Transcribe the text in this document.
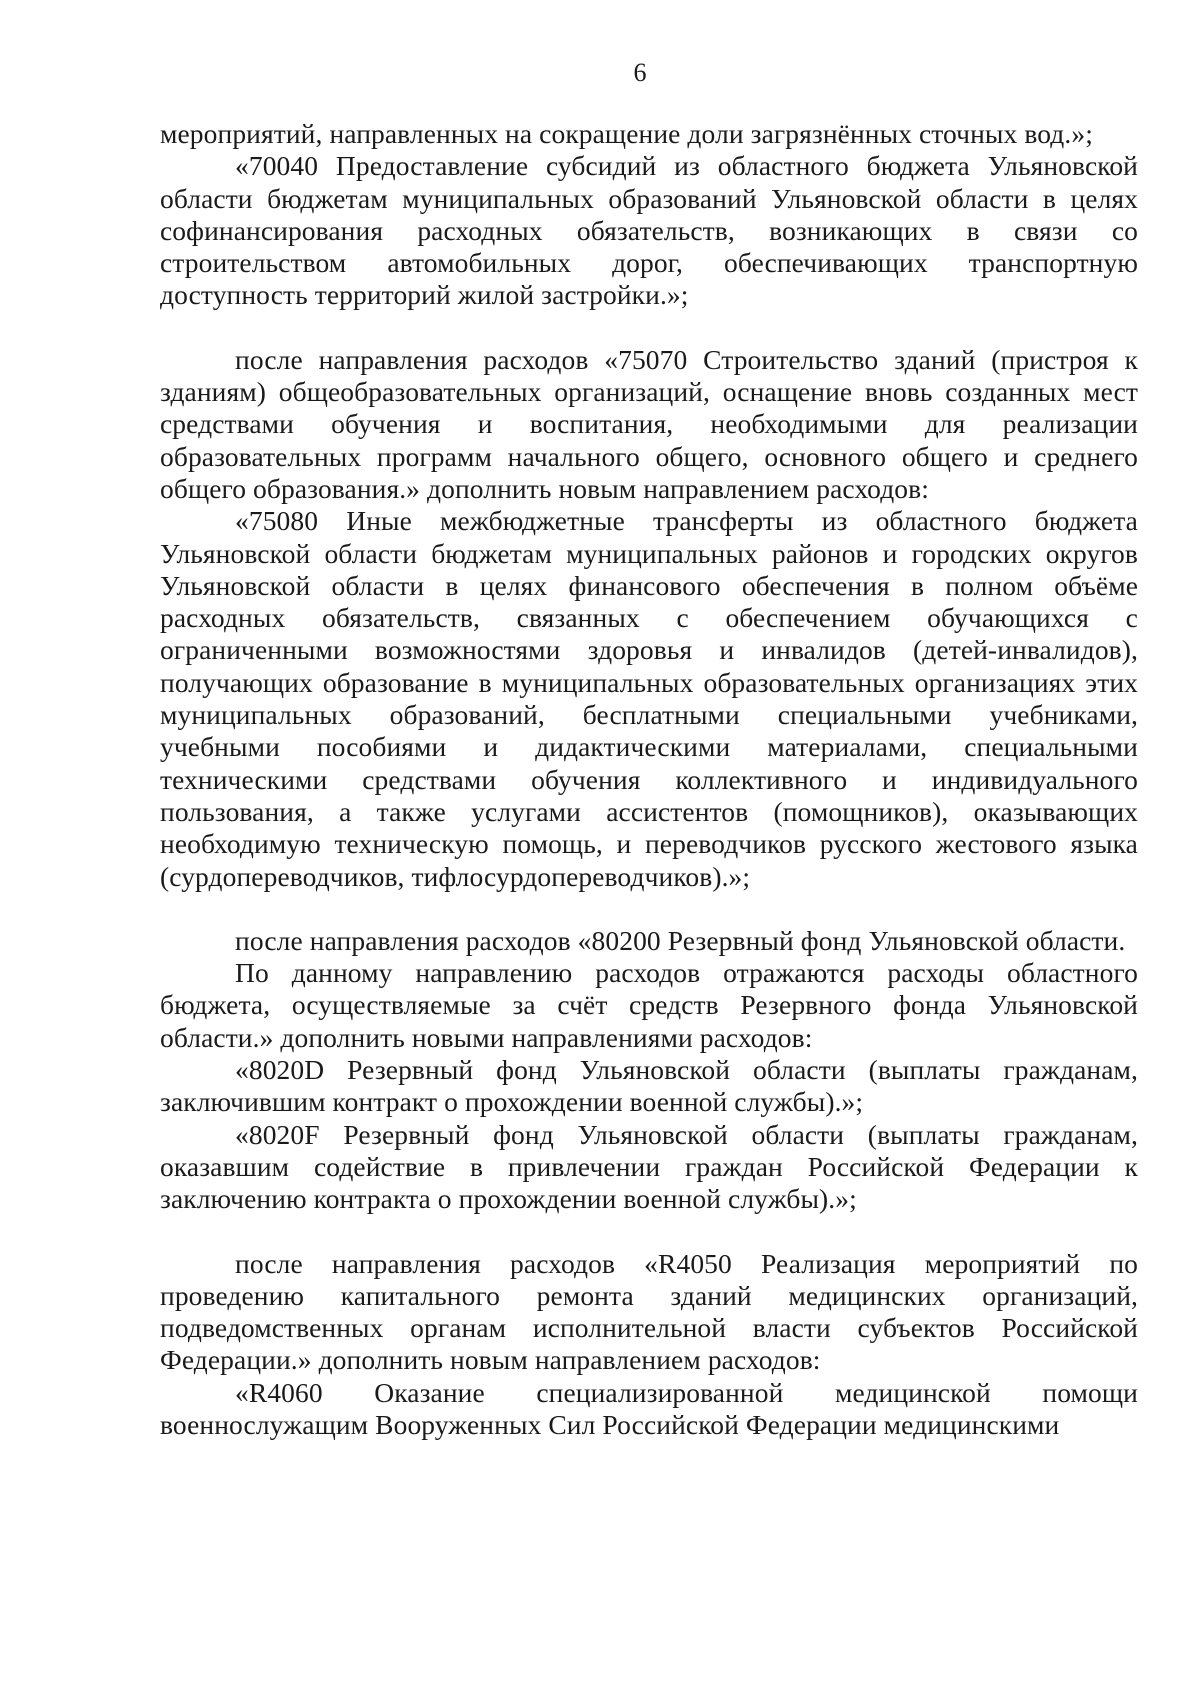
6

мероприятий, направленных на сокращение доли загрязнённых сточных вод.»;

«70040 Предоставление субсидий из областного бюджета Ульяновской области бюджетам муниципальных образований Ульяновской области в целях софинансирования расходных обязательств, возникающих в связи со строительством автомобильных дорог, обеспечивающих транспортную доступность территорий жилой застройки.»;

после направления расходов «75070 Строительство зданий (пристроя к зданиям) общеобразовательных организаций, оснащение вновь созданных мест средствами обучения и воспитания, необходимыми для реализации образовательных программ начального общего, основного общего и среднего общего образования.» дополнить новым направлением расходов:

«75080 Иные межбюджетные трансферты из областного бюджета Ульяновской области бюджетам муниципальных районов и городских округов Ульяновской области в целях финансового обеспечения в полном объёме расходных обязательств, связанных с обеспечением обучающихся с ограниченными возможностями здоровья и инвалидов (детей-инвалидов), получающих образование в муниципальных образовательных организациях этих муниципальных образований, бесплатными специальными учебниками, учебными пособиями и дидактическими материалами, специальными техническими средствами обучения коллективного и индивидуального пользования, а также услугами ассистентов (помощников), оказывающих необходимую техническую помощь, и переводчиков русского жестового языка (сурдопереводчиков, тифлосурдопереводчиков).»;

после направления расходов «80200 Резервный фонд Ульяновской области.

По данному направлению расходов отражаются расходы областного бюджета, осуществляемые за счёт средств Резервного фонда Ульяновской области.» дополнить новыми направлениями расходов:

«8020D Резервный фонд Ульяновской области (выплаты гражданам, заключившим контракт о прохождении военной службы).»;

«8020F Резервный фонд Ульяновской области (выплаты гражданам, оказавшим содействие в привлечении граждан Российской Федерации к заключению контракта о прохождении военной службы).»;

после направления расходов «R4050 Реализация мероприятий по проведению капитального ремонта зданий медицинских организаций, подведомственных органам исполнительной власти субъектов Российской Федерации.» дополнить новым направлением расходов:

«R4060 Оказание специализированной медицинской помощи военнослужащим Вооруженных Сил Российской Федерации медицинскими
